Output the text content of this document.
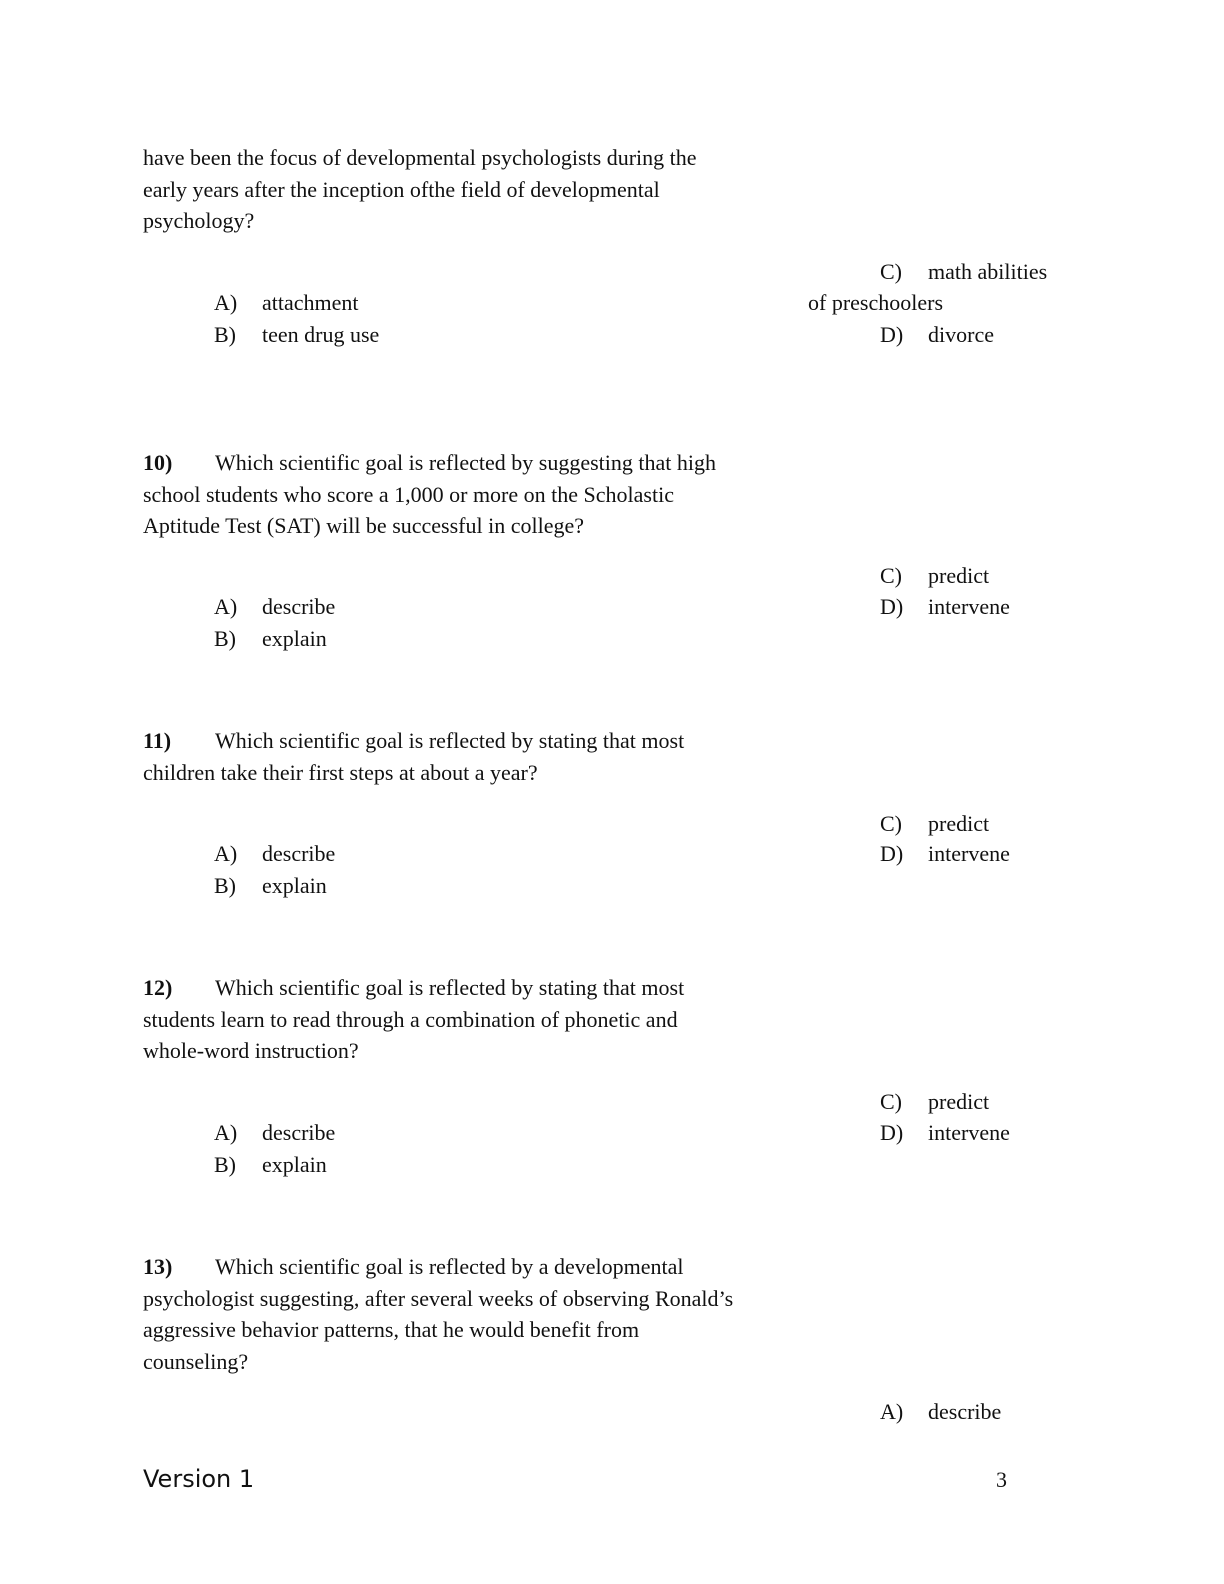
have been the focus of developmental psychologists during the early years after the inception ofthe field of developmental psychology?
C) math abilities
A) attachment	of preschoolers
B) teen drug use	D) divorce
10) Which scientific goal is reflected by suggesting that high school students who score a 1,000 or more on the Scholastic Aptitude Test (SAT) will be successful in college?
C) predict
A) describe	D) intervene
B) explain
11) Which scientific goal is reflected by stating that most children take their first steps at about a year?
C) predict
A) describe	D) intervene
B) explain
12) Which scientific goal is reflected by stating that most students learn to read through a combination of phonetic and whole-word instruction?
C) predict
A) describe	D) intervene
B) explain
13) Which scientific goal is reflected by a developmental psychologist suggesting, after several weeks of observing Ronald’s aggressive behavior patterns, that he would benefit from counseling?
A) describe
Version 1	3
